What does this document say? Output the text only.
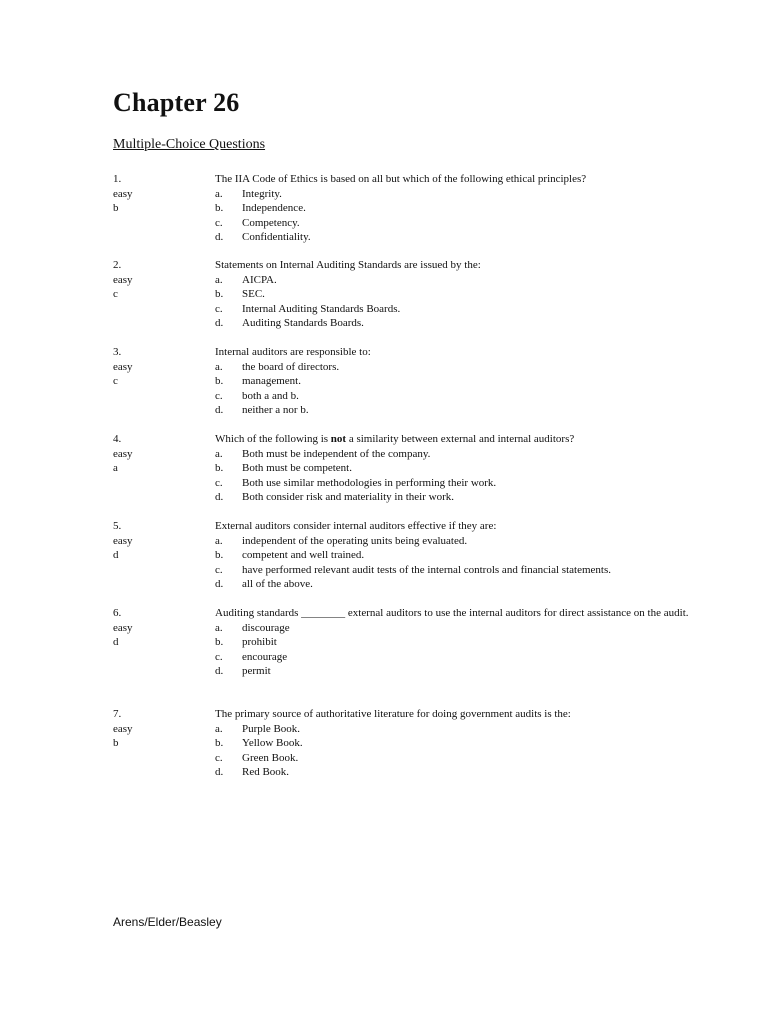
Chapter 26
Multiple-Choice Questions
1.
easy
b
The IIA Code of Ethics is based on all but which of the following ethical principles?
a.	Integrity.
b.	Independence.
c.	Competency.
d.	Confidentiality.
2.
easy
c
Statements on Internal Auditing Standards are issued by the:
a.	AICPA.
b.	SEC.
c.	Internal Auditing Standards Boards.
d.	Auditing Standards Boards.
3.
easy
c
Internal auditors are responsible to:
a.	the board of directors.
b.	management.
c.	both a and b.
d.	neither a nor b.
4.
easy
a
Which of the following is not a similarity between external and internal auditors?
a.	Both must be independent of the company.
b.	Both must be competent.
c.	Both use similar methodologies in performing their work.
d.	Both consider risk and materiality in their work.
5.
easy
d
External auditors consider internal auditors effective if they are:
a.	independent of the operating units being evaluated.
b.	competent and well trained.
c.	have performed relevant audit tests of the internal controls and financial statements.
d.	all of the above.
6.
easy
d
Auditing standards ________ external auditors to use the internal auditors for direct assistance on the audit.
a.	discourage
b.	prohibit
c.	encourage
d.	permit
7.
easy
b
The primary source of authoritative literature for doing government audits is the:
a.	Purple Book.
b.	Yellow Book.
c.	Green Book.
d.	Red Book.
Arens/Elder/Beasley
